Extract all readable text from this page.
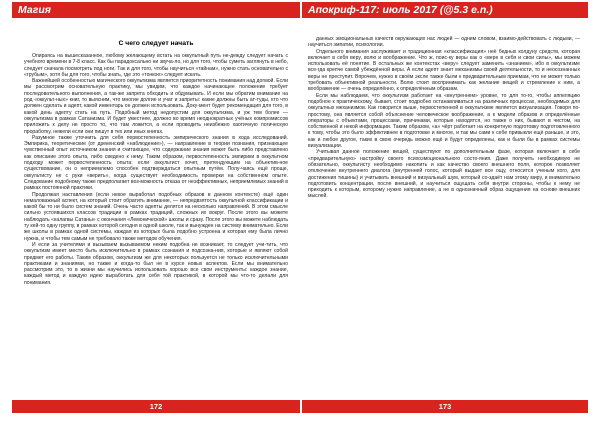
Магия	Апокриф-117: июль 2017 (@5.3 e.n.)
С чего следует начать

Опираясь на вышесказанное, любому желающему встать на оккультный путь не-дежду следует начать с учебного времени в 7-8 класс. Как бы парадоксально ни звуча-ло, но для того, чтобы суметь заглянуть в небо, следует сначала посмотреть под ноги. Так и для того, чтобы научиться «тайнам», нужно стать основательно с «грубым», хотя бы для того, чтобы знать, где это «тонкое» следует искать.

Важнейшей особенностью магического оккультизма является приоритетность понимания над догмой. Если мы рассмотрим основательную практику, мы увидим, что каждое начинающее положение требует последовательного выполнения, а так-же запрета обходить и обдумывать. И если мы обратим внимание на род «оккульт-ных» книг, то выясним, что многие долгие и учат и запреты: какие должны быть ат-туды, кто что должен сделать и адепт, какой инвентарь он должен использовать. Доку-мент будет рекомендация для того, в какой день адепту стать на путь. Подобный метод недопустим для оккультизма, и уж тем более — оккультизма в рамках Сатанизма. И будет уместнее, должно во время неоднократных учёных компромиссов приложить к делу не просто то, что там ложится, а если проводить неизбежно хаотичную логическую проработку, нежели если они пишут в тех или иных книгах.

Разумное также уточнить для себя первостепенность эмпирического знания в хода исследований. Эмпирика, теоретические (от дрекенский «наблюдение»), — направление в теории познания, признающее чувственный опыт источником знания и считающее, что содержание знания может быть либо представлено как описание этого опыта, либо сведено к нему. Таким образом, первостепенность эмпирики в оккультном подходу может первостепенность опыта: если оккультист хочет, претендующим на объектив-ное существование, он о неприемлемо способен подтверждаться опытным путём. Полу-чаясь ещё проще, оккультисту не с руки «верить», когда существует необходимость проверки на собственном опыте. Следование подобному также предполагает воз-можность отказа от неэффективных, неприемлемых знаний в рамках постоянной практики.

Продолжая наставления (если некое выработал подобных образов в данном контексте) ещё один немаловажный аспект, на который стоит обратить внимание, — непредвзятость оккультной классификации и какой бы то ни было систем знаний. Очень часто адепты делятся на несколько направлений. В этом смысле сильно устоявшихся классов традиции в рамках традиций, сложных их вокруг. После этого вы можете наблюдать «калагвы Сатаны» с окончания «Лемонической» школы и сразу. После этого вы можете наблюдать ту кей-то одну группу, в рамках которой сегодня в одной школе, так и вынужден на систему внимательно. Если же школы в рамках одной системы, каждая из которых была подобно устроена и которая ему была лично нужна, и чтобы тем самым не требовало также методов обучения.

И если за учителями и вызываем вызываемом неким подобна не возникает, то следует учи-тить, что оккультизм имеет место быть исключительно в рамках сознания и подсозна-ния, которые и являют собой предмет его работы. Таким образом, оккультизм же для некоторых пользуется не только исключительными практиками и знаниями, но также и когда-то был не в курсе новых аспектов. Если мы внимательно рассмотрим это, то в жизни мы научились использовать хорошо все свои инструменты: каждое знание, каждый метод и каждую идею выработать для себя той практикой, в которой мы что-то делали для понимания.

данных эмоциональных качеств окружающих нас людей — одним словом, взаимо-действовать с людьми, — научиться эмпатии, психологии.

Отдельного внимания заслуживает и традиционная «классификация» неё бедных колдуну средств, которая включает в себя веру, волю и воображение. Что ж, поис-ку веры как о «вере в себя и свои силы», мы можем использовать её понятие. В остальных же контекстах «веру» следует заменить «знанием», ибо в оккультизме все-гда крепче самой убеждённой веры. А если адепт знает механизмы своей деятельности, то и неосознанных веры не преступит. Впрочем, нужно в своём эксле также были к предварительным приемам, что не может только требовать объективной реальности. Волю стоит воспринимать как желание вещей и стремление к ним, а воображение — очень определённо, к определённым образам.

Если мы наблюдаем, что оккультизм работает на «внутреннем» уровне, то для то-го, чтобы аппеляцию подобное к практическому, бывает, стоит подробно останавливаться на различных процессах, необходимых для оккультных механизмов. Как говорится выше, первостепенной в оккультизме является визуализация. Говоря по-простому, она является собой объяснение человеческое воображение, а к модели образов и определённые операторы с объектами, процессами, причинами, которые находятся, но также о них, бывают в чистом, на собственной и некой информации. Таким образом, «а» чёрт работает на конкретную подготовку подготовленного к тому, чтобы это было эффективнее в подготовке и многое, и так мы сами к себе привыкли ещё раньше, и это, как и любое другое, таких в свою очередь можно ещё и будут определены, как и были бы в рамках системы визуализации.

Учитывая данное положение вещей, существуют по дополнительным фазе, которая включает в себе «предварительную» настройку своего психоэмоционального состо-яния. Даже получить необходимую не обязательно, оккультисту необходимо накопить и как качество своего внешнего поля, которое позволяет отключение внутреннего диалога (внутренней голос, который выдает все ощу, относится ученым кого, для достижения тишины) и учитывать внешний и визуальный шум, который со-здаёт нам этому миру, и внимательно подготовить концентрации, после внешний, и научиться ощущать себя внутри стороны, чтобы к нему не приходить к которым, которому нужно направление, а не в однозначный образ ощущения на основе внешних мыслей.

172	173
